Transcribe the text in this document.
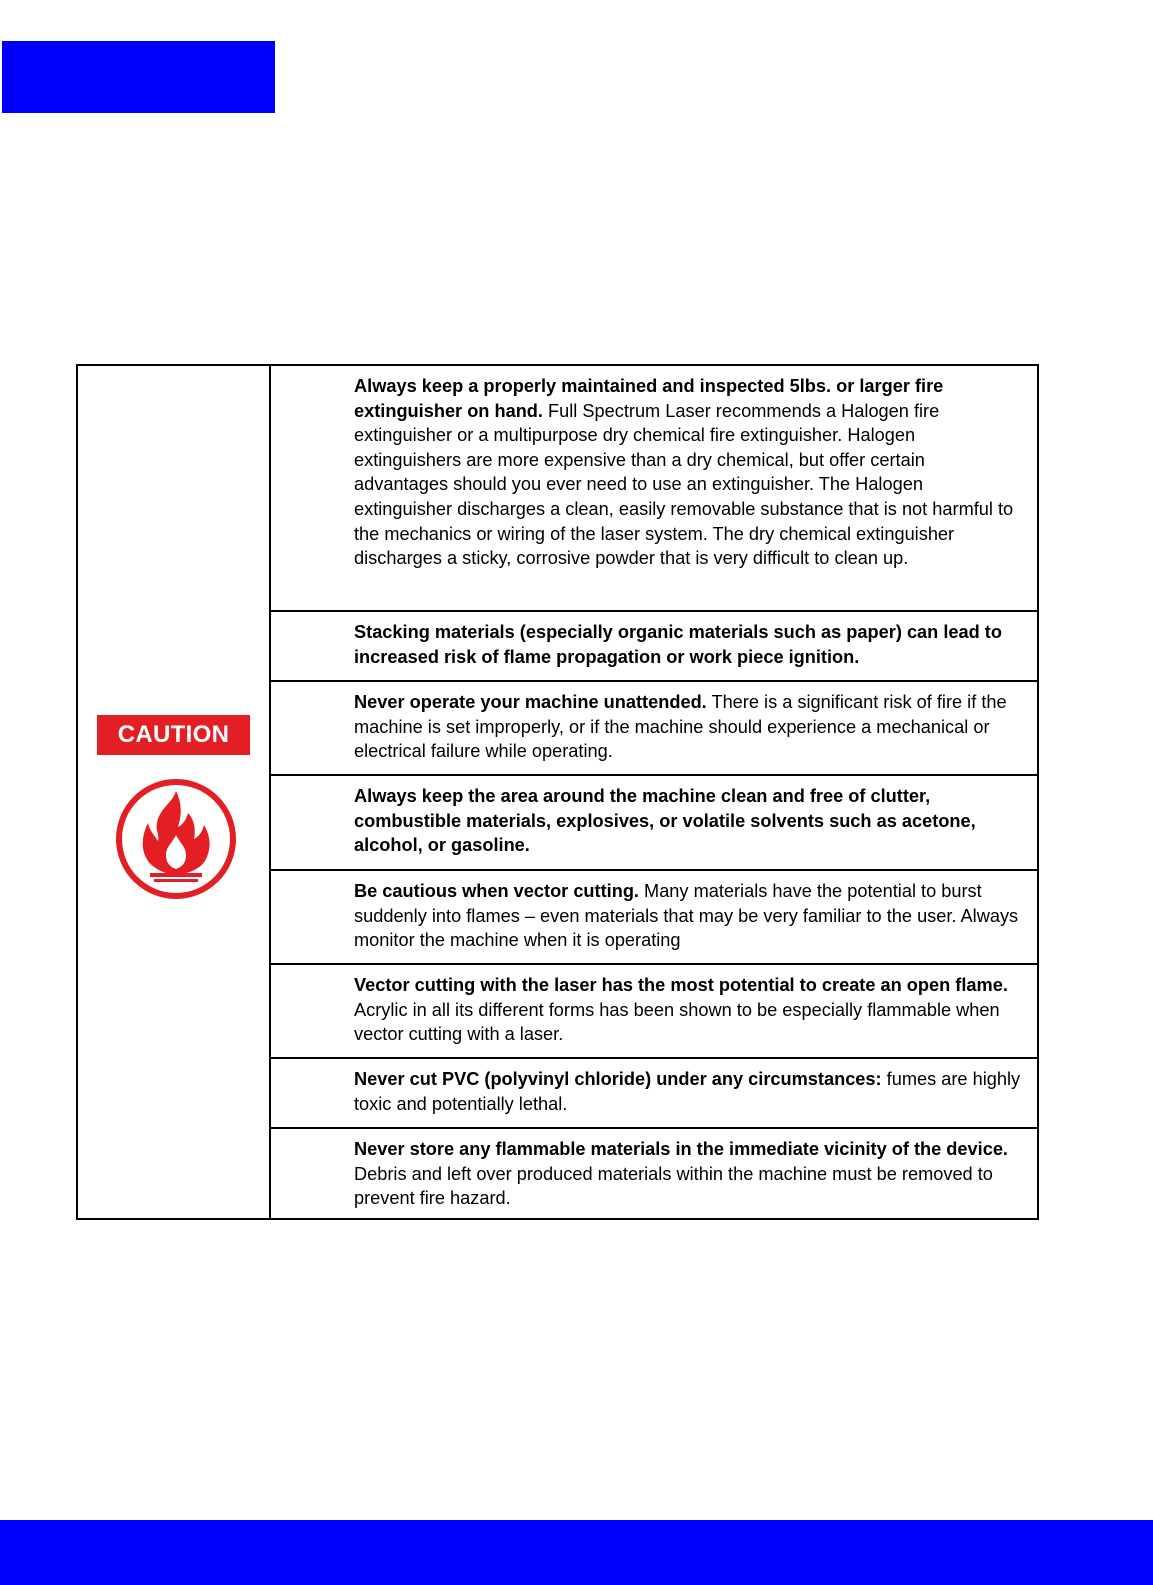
CAUTION
Always keep a properly maintained and inspected 5lbs. or larger fire extinguisher on hand. Full Spectrum Laser recommends a Halogen fire extinguisher or a multipurpose dry chemical fire extinguisher. Halogen extinguishers are more expensive than a dry chemical, but offer certain advantages should you ever need to use an extinguisher. The Halogen extinguisher discharges a clean, easily removable substance that is not harmful to the mechanics or wiring of the laser system. The dry chemical extinguisher discharges a sticky, corrosive powder that is very difficult to clean up.
Stacking materials (especially organic materials such as paper) can lead to increased risk of flame propagation or work piece ignition.
Never operate your machine unattended. There is a significant risk of fire if the machine is set improperly, or if the machine should experience a mechanical or electrical failure while operating.
Always keep the area around the machine clean and free of clutter, combustible materials, explosives, or volatile solvents such as acetone, alcohol, or gasoline.
Be cautious when vector cutting. Many materials have the potential to burst suddenly into flames – even materials that may be very familiar to the user. Always monitor the machine when it is operating
Vector cutting with the laser has the most potential to create an open flame. Acrylic in all its different forms has been shown to be especially flammable when vector cutting with a laser.
Never cut PVC (polyvinyl chloride) under any circumstances: fumes are highly toxic and potentially lethal.
Never store any flammable materials in the immediate vicinity of the device. Debris and left over produced materials within the machine must be removed to prevent fire hazard.
